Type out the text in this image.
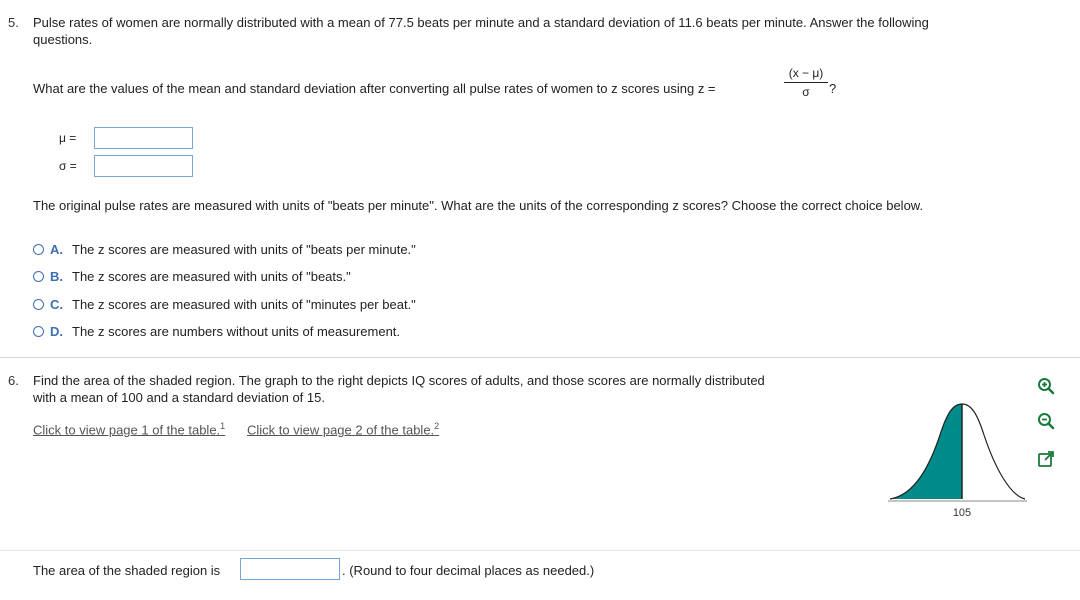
5. Pulse rates of women are normally distributed with a mean of 77.5 beats per minute and a standard deviation of 11.6 beats per minute. Answer the following
questions.
What are the values of the mean and standard deviation after converting all pulse rates of women to z scores using z =
(x − μ)
σ	?
μ =
σ =
The original pulse rates are measured with units of "beats per minute". What are the units of the corresponding z scores? Choose the correct choice below.
A. The z scores are measured with units of "beats per minute."
B. The z scores are measured with units of "beats."
C. The z scores are measured with units of "minutes per beat."
D. The z scores are numbers without units of measurement.
6. Find the area of the shaded region. The graph to the right depicts IQ scores of adults, and those scores are normally distributed
with a mean of 100 and a standard deviation of 15.
Click to view page 1 of the table.$^1$ Click to view page 2 of the table.$^2$
105
The area of the shaded region is	. (Round to four decimal places as needed.)
